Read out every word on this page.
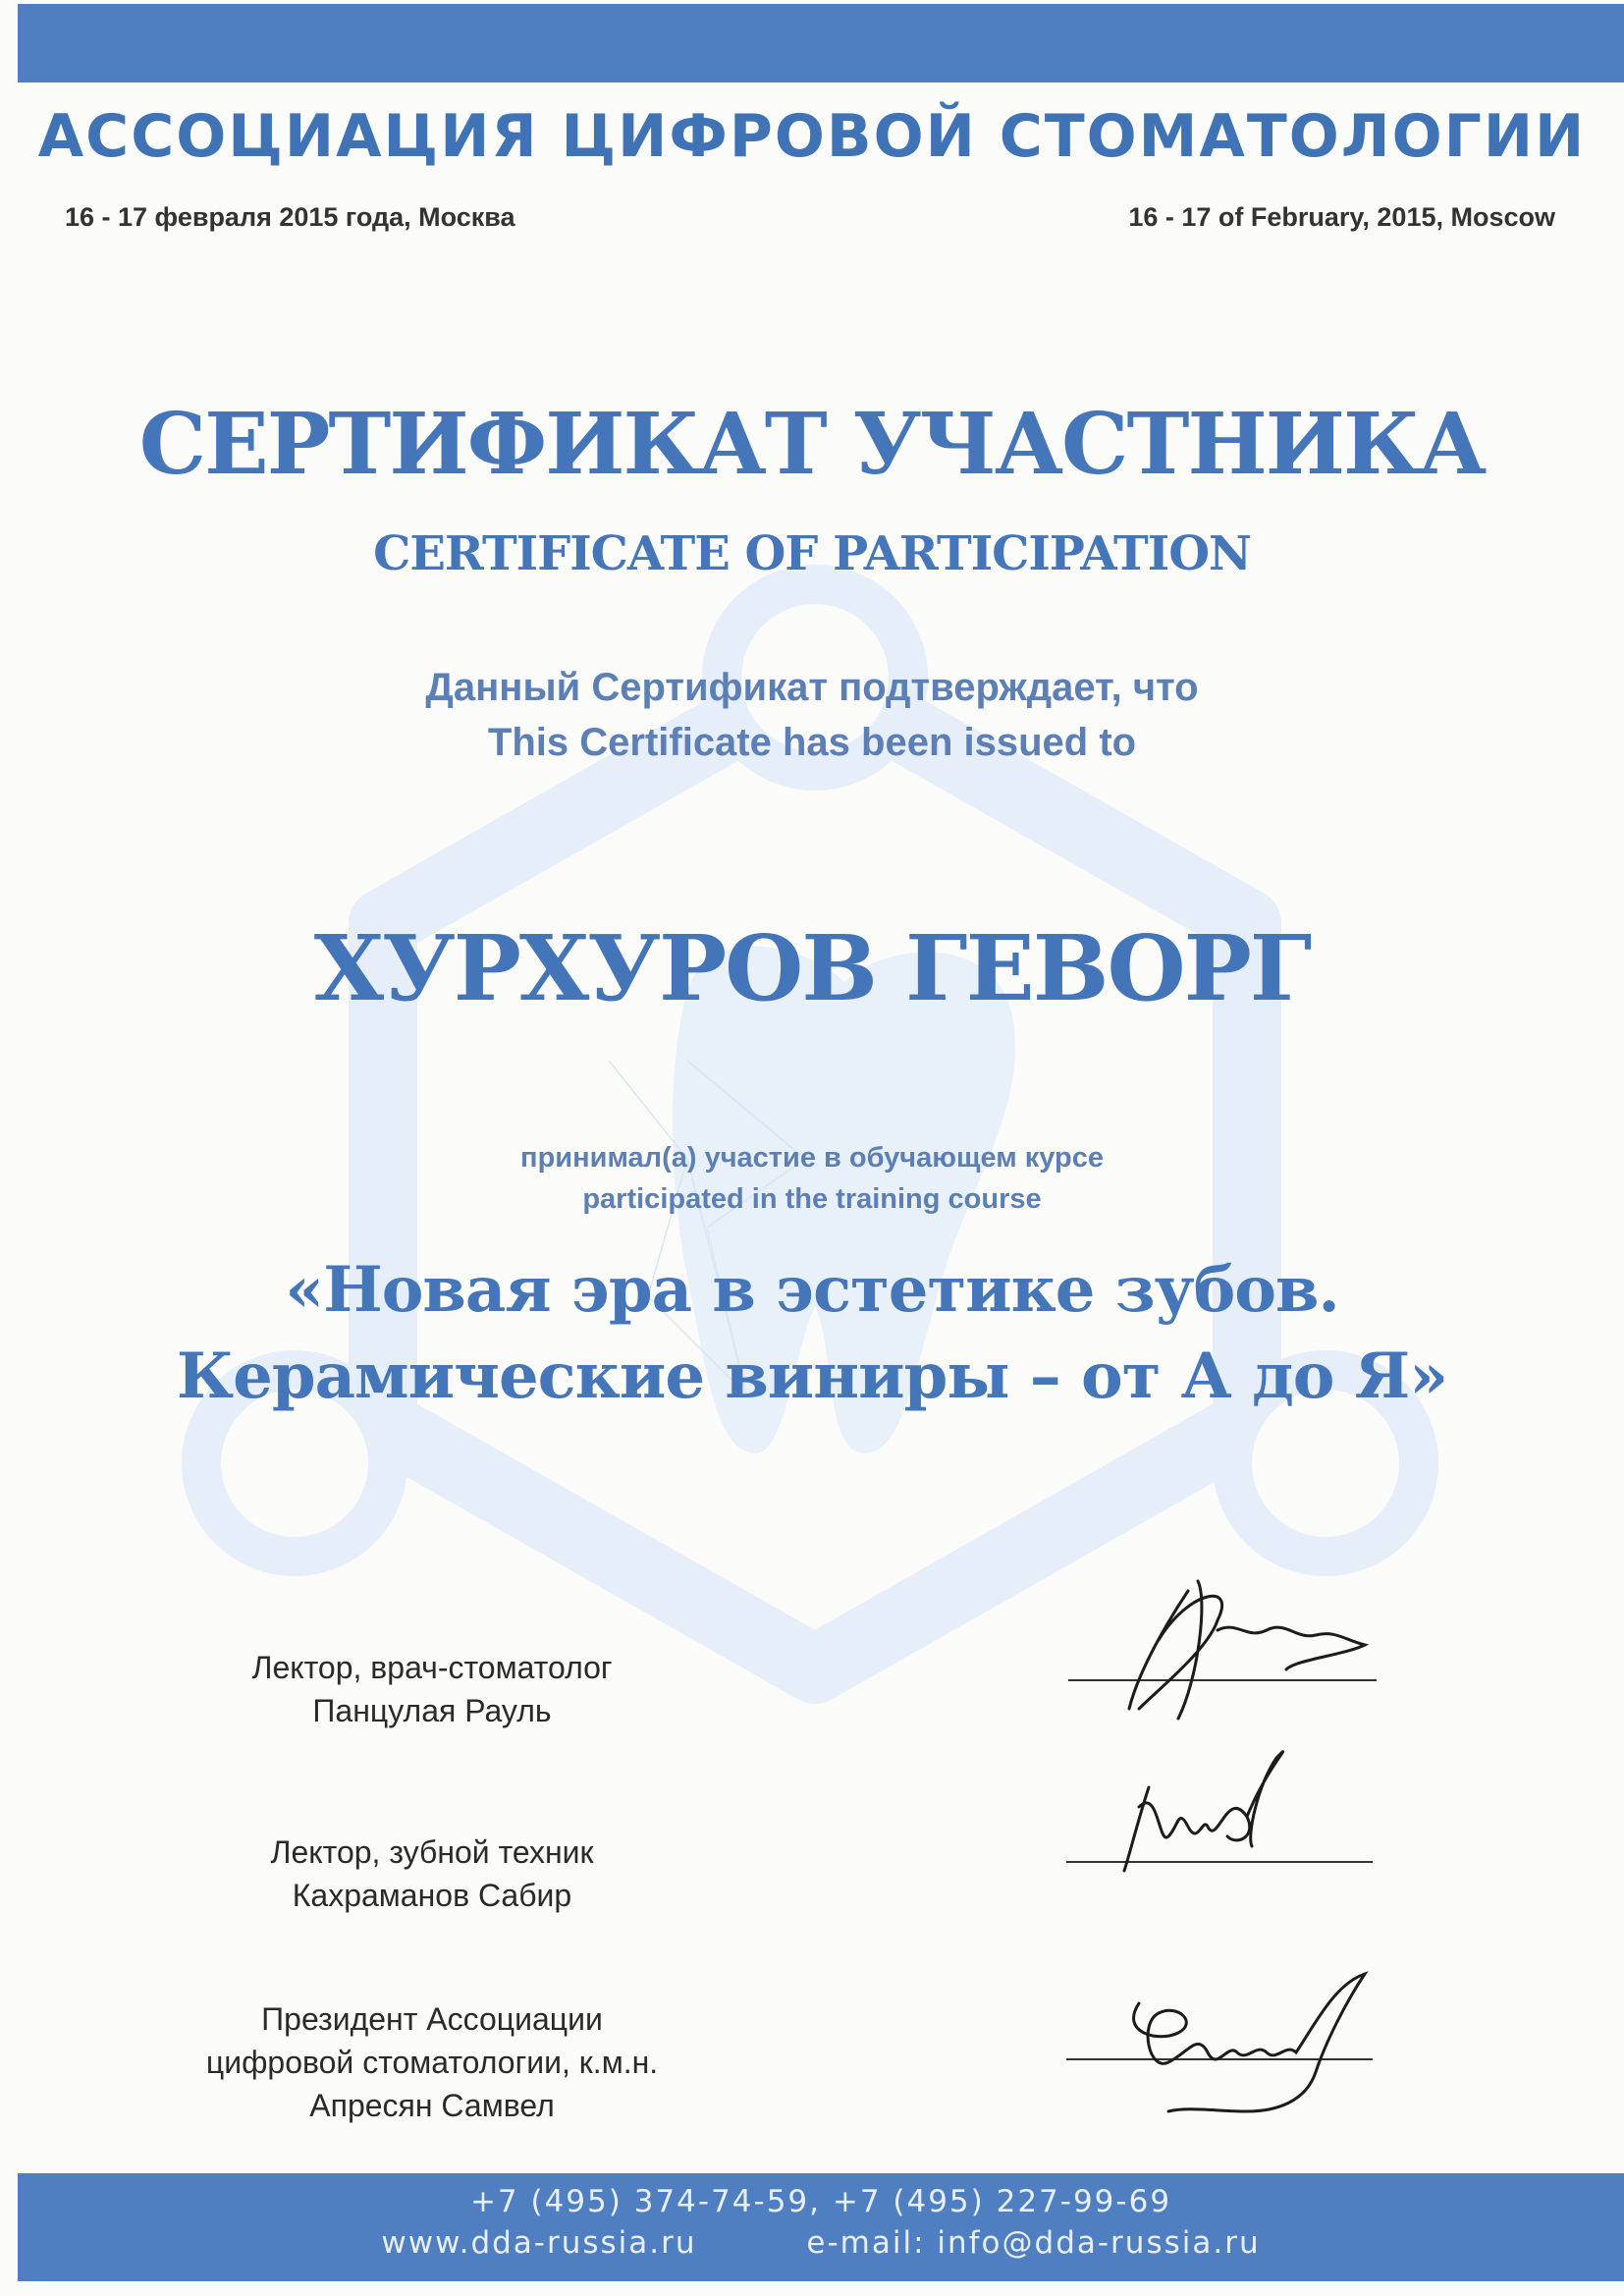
АССОЦИАЦИЯ ЦИФРОВОЙ СТОМАТОЛОГИИ
16 - 17 февраля 2015 года, Москва	16 - 17 of February, 2015, Moscow
СЕРТИФИКАТ УЧАСТНИКА
CERTIFICATE OF PARTICIPATION
Данный Сертификат подтверждает, что
This Certificate has been issued to
ХУРХУРОВ ГЕВОРГ
принимал(а) участие в обучающем курсе
participated in the training course
«Новая эра в эстетике зубов.
Керамические виниры – от А до Я»
Лектор, врач-стоматолог
Панцулая Рауль
Лектор, зубной техник
Кахраманов Сабир
Президент Ассоциации
цифровой стоматологии, к.м.н.
Апресян Самвел
+7 (495) 374-74-59, +7 (495) 227-99-69
www.dda-russia.ru	e-mail: info@dda-russia.ru
